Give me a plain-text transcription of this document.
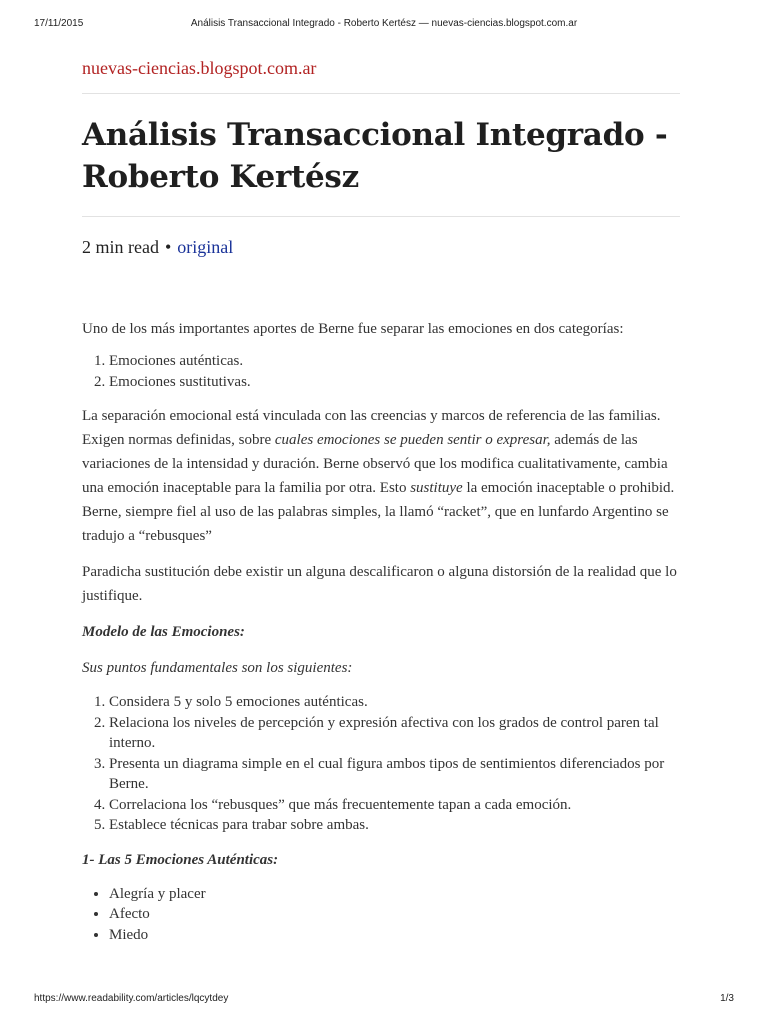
17/11/2015	Análisis Transaccional Integrado - Roberto Kertész — nuevas-ciencias.blogspot.com.ar
nuevas-ciencias.blogspot.com.ar
Análisis Transaccional Integrado - Roberto Kertész
2 min read • original

Uno de los más importantes aportes de Berne fue separar las emociones en dos categorías:

1. Emociones auténticas.
2. Emociones sustitutivas.

La separación emocional está vinculada con las creencias y marcos de referencia de las familias. Exigen normas definidas, sobre cuales emociones se pueden sentir o expresar, además de las variaciones de la intensidad y duración. Berne observó que los modifica cualitativamente, cambia una emoción inaceptable para la familia por otra. Esto sustituye la emoción inaceptable o prohibid. Berne, siempre fiel al uso de las palabras simples, la llamó “racket”, que en lunfardo Argentino se tradujo a “rebusques”

Paradicha sustitución debe existir un alguna descalificaron o alguna distorsión de la realidad que lo justifique.

Modelo de las Emociones:

Sus puntos fundamentales son los siguientes:

1. Considera 5 y solo 5 emociones auténticas.
2. Relaciona los niveles de percepción y expresión afectiva con los grados de control paren tal interno.
3. Presenta un diagrama simple en el cual figura ambos tipos de sentimientos diferenciados por Berne.
4. Correlaciona los “rebusques” que más frecuentemente tapan a cada emoción.
5. Establece técnicas para trabar sobre ambas.

1- Las 5 Emociones Auténticas:

• Alegría y placer
• Afecto
• Miedo
https://www.readability.com/articles/lqcytdey	1/3
